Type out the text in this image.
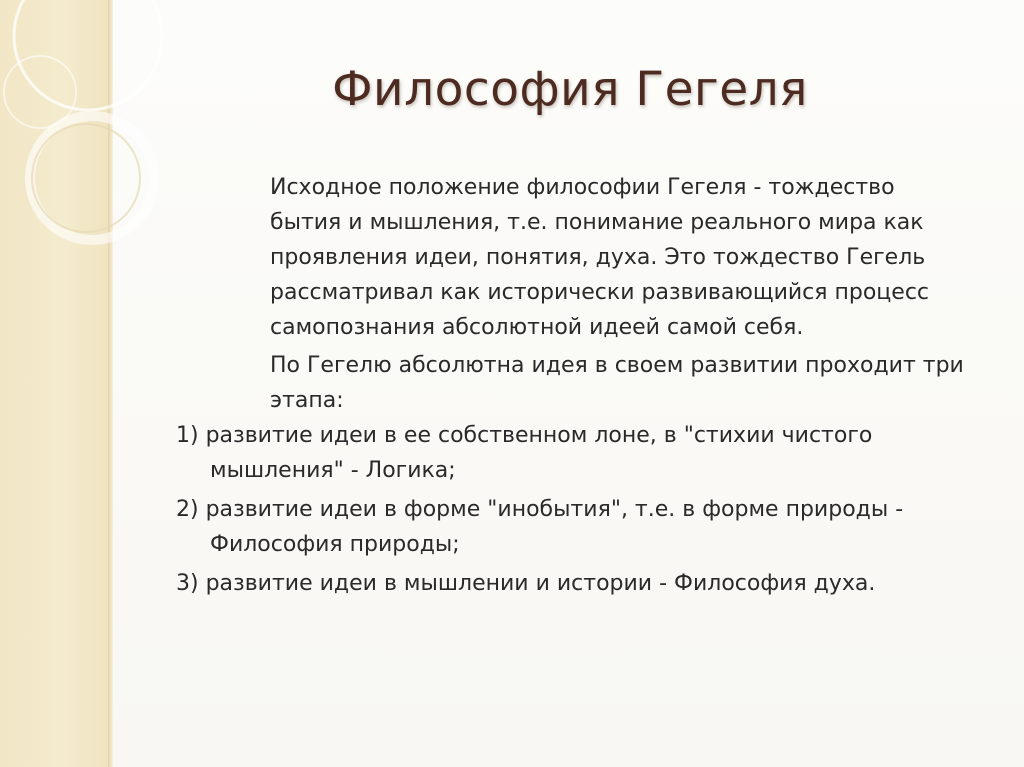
Философия Гегеля

Исходное положение философии Гегеля - тождество бытия и мышления, т.е. понимание реального мира как проявления идеи, понятия, духа. Это тождество Гегель рассматривал как исторически развивающийся процесс самопознания абсолютной идеей самой себя.

По Гегелю абсолютна идея в своем развитии проходит три этапа:

1) развитие идеи в ее собственном лоне, в "стихии чистого мышления" - Логика;

2) развитие идеи в форме "инобытия", т.е. в форме природы - Философия природы;

3) развитие идеи в мышлении и истории - Философия духа.
